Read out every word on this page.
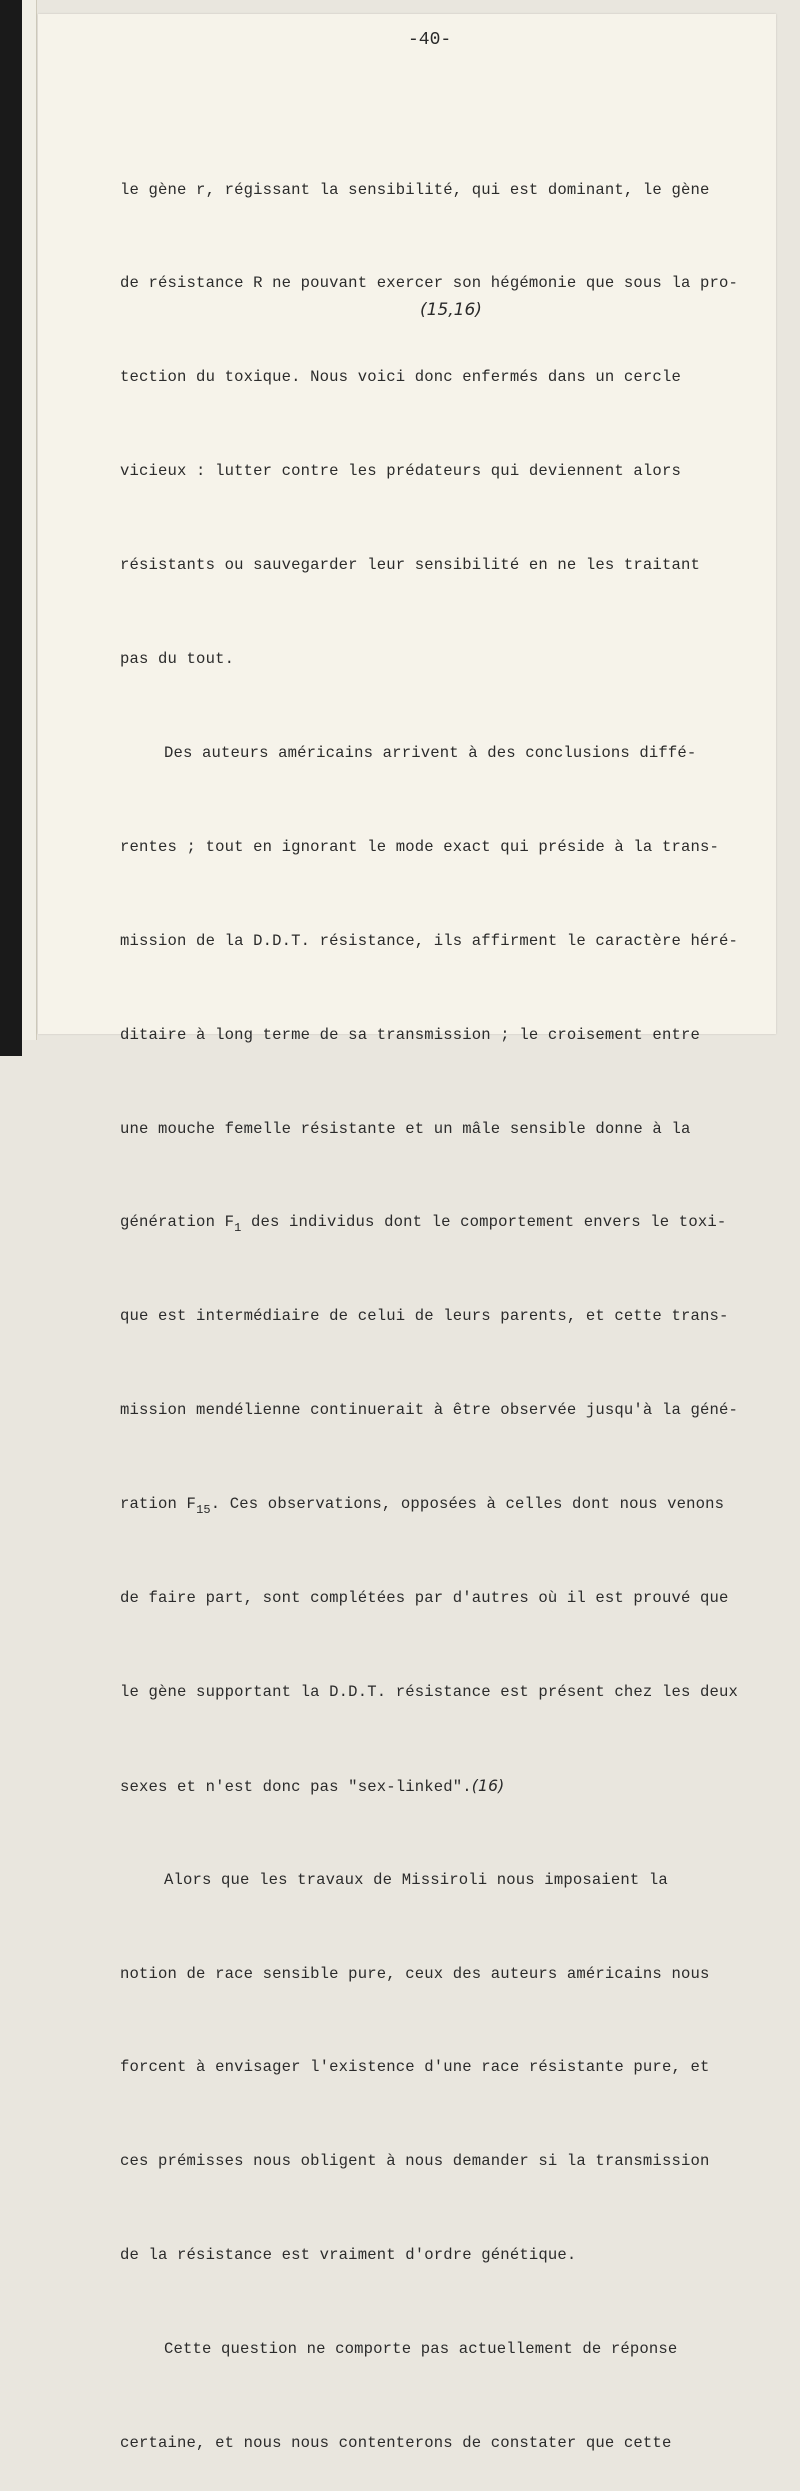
-40-
(15,16)

le gène r, régissant la sensibilité, qui est dominant, le gène

de résistance R ne pouvant exercer son hégémonie que sous la pro-

tection du toxique. Nous voici donc enfermés dans un cercle

vicieux : lutter contre les prédateurs qui deviennent alors

résistants ou sauvegarder leur sensibilité en ne les traitant

pas du tout.

Des auteurs américains arrivent à des conclusions diffé-

rentes ; tout en ignorant le mode exact qui préside à la trans-

mission de la D.D.T. résistance, ils affirment le caractère héré-

ditaire à long terme de sa transmission ; le croisement entre

une mouche femelle résistante et un mâle sensible donne à la

génération $F_1$ des individus dont le comportement envers le toxi-

que est intermédiaire de celui de leurs parents, et cette trans-

mission mendélienne continuerait à être observée jusqu'à la géné-

ration $F_{15}$. Ces observations, opposées à celles dont nous venons

de faire part, sont complétées par d'autres où il est prouvé que

le gène supportant la D.D.T. résistance est présent chez les deux

sexes et n'est donc pas "sex-linked".(16)

Alors que les travaux de Missiroli nous imposaient la

notion de race sensible pure, ceux des auteurs américains nous

forcent à envisager l'existence d'une race résistante pure, et

ces prémisses nous obligent à nous demander si la transmission

de la résistance est vraiment d'ordre génétique.

Cette question ne comporte pas actuellement de réponse

certaine, et nous nous contenterons de constater que cette
